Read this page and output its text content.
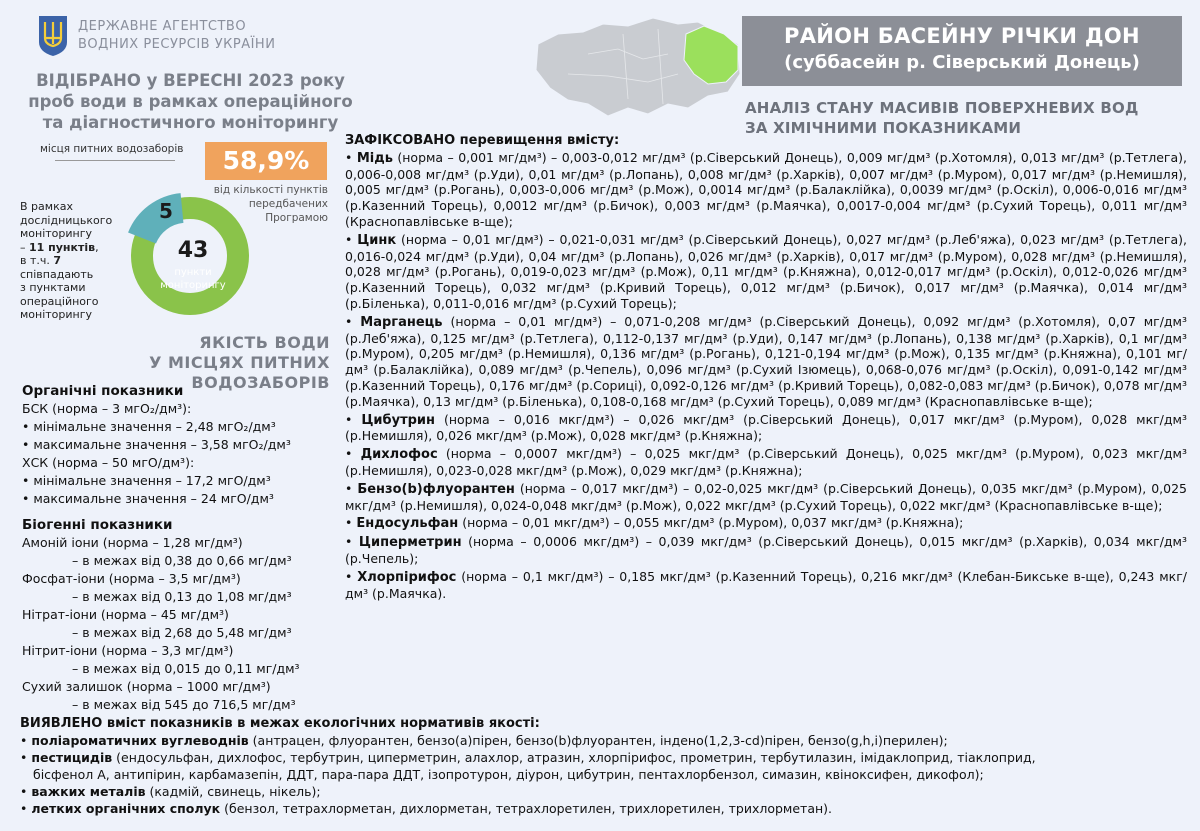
ДЕРЖАВНЕ АГЕНТСТВО
ВОДНИХ РЕСУРСІВ УКРАЇНИ
ВІДІБРАНО у ВЕРЕСНІ 2023 року
проб води в рамках операційного
та діагностичного моніторингу
РАЙОН БАСЕЙНУ РІЧКИ ДОН
(суббасейн р. Сіверський Донець)
АНАЛІЗ СТАНУ МАСИВІВ ПОВЕРХНЕВИХ ВОД
ЗА ХІМІЧНИМИ ПОКАЗНИКАМИ
місця питних водозаборів
5
43
пункти
моніторингу
58,9%
від кількості пунктів
передбачених
Програмою
В рамках
дослідницького
моніторингу
– 11 пунктів,
в т.ч. 7
співпадають
з пунктами
операційного
моніторингу
ЯКІСТЬ ВОДИ
У МІСЦЯХ ПИТНИХ ВОДОЗАБОРІВ
Органічні показники
БСК (норма – 3 мгО₂/дм³):
• мінімальне значення – 2,48 мгО₂/дм³
• максимальне значення – 3,58 мгО₂/дм³
ХСК (норма – 50 мгО/дм³):
• мінімальне значення – 17,2 мгО/дм³
• максимальне значення – 24 мгО/дм³
Біогенні показники
Амоній іони (норма – 1,28 мг/дм³)
– в межах від 0,38 до 0,66 мг/дм³
Фосфат-іони (норма – 3,5 мг/дм³)
– в межах від 0,13 до 1,08 мг/дм³
Нітрат-іони (норма – 45 мг/дм³)
– в межах від 2,68 до 5,48 мг/дм³
Нітрит-іони (норма – 3,3 мг/дм³)
– в межах від 0,015 до 0,11 мг/дм³
Сухий залишок (норма – 1000 мг/дм³)
– в межах від 545 до 716,5 мг/дм³
ЗАФІКСОВАНО перевищення вмісту:
• Мідь (норма – 0,001 мг/дм³) – 0,003-0,012 мг/дм³ (р.Сіверський Донець), 0,009 мг/дм³ (р.Хотомля), 0,013 мг/дм³ (р.Тетлега), 0,006-0,008 мг/дм³ (р.Уди), 0,01 мг/дм³ (р.Лопань), 0,008 мг/дм³ (р.Харків), 0,007 мг/дм³ (р.Муром), 0,017 мг/дм³ (р.Немишля), 0,005 мг/дм³ (р.Рогань), 0,003-0,006 мг/дм³ (р.Мож), 0,0014 мг/дм³ (р.Балаклійка), 0,0039 мг/дм³ (р.Оскіл), 0,006-0,016 мг/дм³ (р.Казенний Торець), 0,0012 мг/дм³ (р.Бичок), 0,003 мг/дм³ (р.Маячка), 0,0017-0,004 мг/дм³ (р.Сухий Торець), 0,011 мг/дм³ (Краснопавлівське в-ще);
• Цинк (норма – 0,01 мг/дм³) – 0,021-0,031 мг/дм³ (р.Сіверський Донець), 0,027 мг/дм³ (р.Леб'яжа), 0,023 мг/дм³ (р.Тетлега), 0,016-0,024 мг/дм³ (р.Уди), 0,04 мг/дм³ (р.Лопань), 0,026 мг/дм³ (р.Харків), 0,017 мг/дм³ (р.Муром), 0,028 мг/дм³ (р.Немишля), 0,028 мг/дм³ (р.Рогань), 0,019-0,023 мг/дм³ (р.Мож), 0,11 мг/дм³ (р.Княжна), 0,012-0,017 мг/дм³ (р.Оскіл), 0,012-0,026 мг/дм³ (р.Казенний Торець), 0,032 мг/дм³ (р.Кривий Торець), 0,012 мг/дм³ (р.Бичок), 0,017 мг/дм³ (р.Маячка), 0,014 мг/дм³ (р.Біленька), 0,011-0,016 мг/дм³ (р.Сухий Торець);
• Марганець (норма – 0,01 мг/дм³) – 0,071-0,208 мг/дм³ (р.Сіверський Донець), 0,092 мг/дм³ (р.Хотомля), 0,07 мг/дм³ (р.Леб'яжа), 0,125 мг/дм³ (р.Тетлега), 0,112-0,137 мг/дм³ (р.Уди), 0,147 мг/дм³ (р.Лопань), 0,138 мг/дм³ (р.Харків), 0,1 мг/дм³ (р.Муром), 0,205 мг/дм³ (р.Немишля), 0,136 мг/дм³ (р.Рогань), 0,121-0,194 мг/дм³ (р.Мож), 0,135 мг/дм³ (р.Княжна), 0,101 мг/дм³ (р.Балаклійка), 0,089 мг/дм³ (р.Чепель), 0,096 мг/дм³ (р.Сухий Ізюмець), 0,068-0,076 мг/дм³ (р.Оскіл), 0,091-0,142 мг/дм³ (р.Казенний Торець), 0,176 мг/дм³ (р.Сориці), 0,092-0,126 мг/дм³ (р.Кривий Торець), 0,082-0,083 мг/дм³ (р.Бичок), 0,078 мг/дм³ (р.Маячка), 0,13 мг/дм³ (р.Біленька), 0,108-0,168 мг/дм³ (р.Сухий Торець), 0,089 мг/дм³ (Краснопавлівське в-ще);
• Цибутрин (норма – 0,016 мкг/дм³) – 0,026 мкг/дм³ (р.Сіверський Донець), 0,017 мкг/дм³ (р.Муром), 0,028 мкг/дм³ (р.Немишля), 0,026 мкг/дм³ (р.Мож), 0,028 мкг/дм³ (р.Княжна);
• Дихлофос (норма – 0,0007 мкг/дм³) – 0,025 мкг/дм³ (р.Сіверський Донець), 0,025 мкг/дм³ (р.Муром), 0,023 мкг/дм³ (р.Немишля), 0,023-0,028 мкг/дм³ (р.Мож), 0,029 мкг/дм³ (р.Княжна);
• Бензо(b)флуорантен (норма – 0,017 мкг/дм³) – 0,02-0,025 мкг/дм³ (р.Сіверський Донець), 0,035 мкг/дм³ (р.Муром), 0,025 мкг/дм³ (р.Немишля), 0,024-0,048 мкг/дм³ (р.Мож), 0,022 мкг/дм³ (р.Сухий Торець), 0,022 мкг/дм³ (Краснопавлівське в-ще);
• Ендосульфан (норма – 0,01 мкг/дм³) – 0,055 мкг/дм³ (р.Муром), 0,037 мкг/дм³ (р.Княжна);
• Циперметрин (норма – 0,0006 мкг/дм³) – 0,039 мкг/дм³ (р.Сіверський Донець), 0,015 мкг/дм³ (р.Харків), 0,034 мкг/дм³ (р.Чепель);
• Хлорпірифос (норма – 0,1 мкг/дм³) – 0,185 мкг/дм³ (р.Казенний Торець), 0,216 мкг/дм³ (Клебан-Бикське в-ще), 0,243 мкг/дм³ (р.Маячка).
ВИЯВЛЕНО вміст показників в межах екологічних нормативів якості:
• поліароматичних вуглеводнів (антрацен, флуорантен, бензо(а)пірен, бензо(b)флуорантен, індено(1,2,3-cd)пірен, бензо(g,h,i)перилен);
• пестицидів (ендосульфан, дихлофос, тербутрин, циперметрин, алахлор, атразин, хлорпірифос, прометрин, тербутилазин, імідаклоприд, тіаклоприд,
бісфенол А, антипірин, карбамазепін, ДДТ, пара-пара ДДТ, ізопротурон, діурон, цибутрин, пентахлорбензол, симазин, квіноксифен, дикофол);
• важких металів (кадмій, свинець, нікель);
• летких органічних сполук (бензол, тетрахлорметан, дихлорметан, тетрахлоретилен, трихлоретилен, трихлорметан).
